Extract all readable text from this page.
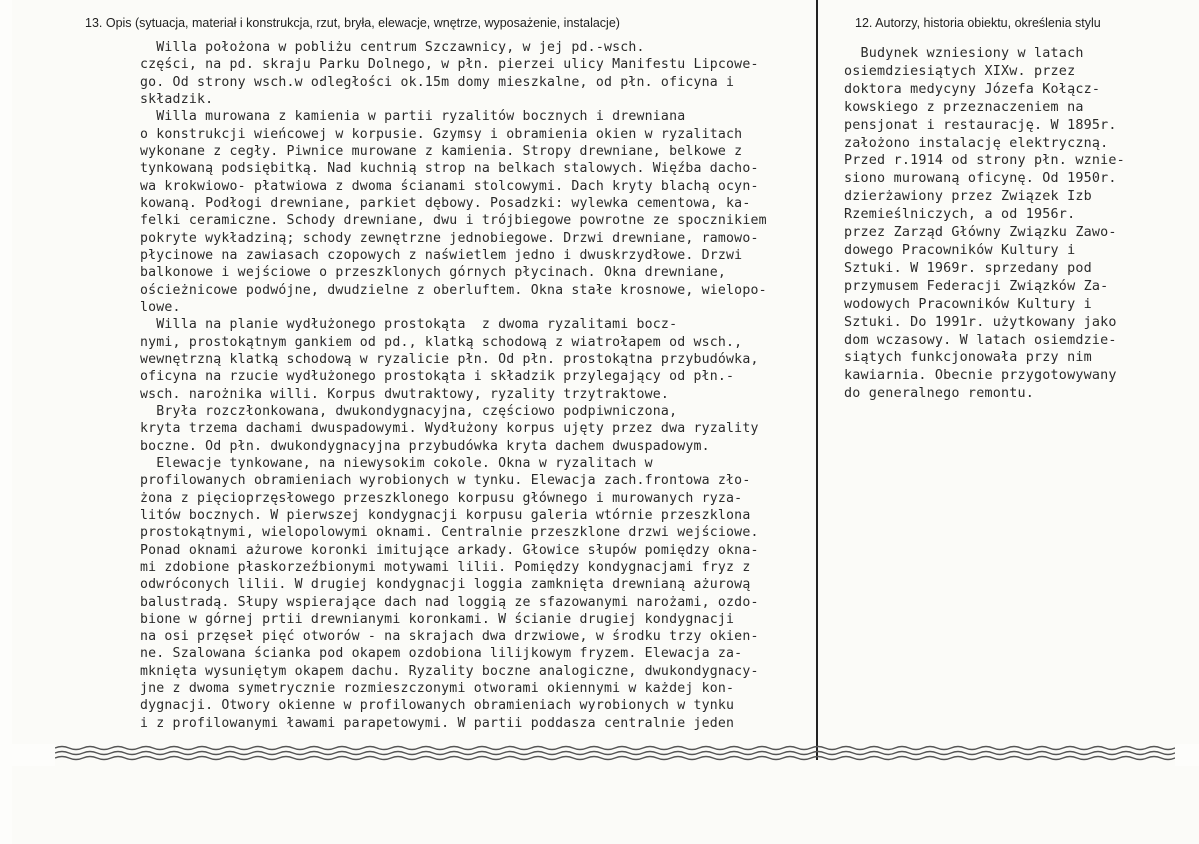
13. Opis (sytuacja, materiał i konstrukcja, rzut, bryła, elewacje, wnętrze, wyposażenie, instalacje)	12. Autorzy, historia obiektu, określenia stylu

Willa położona w pobliżu centrum Szczawnicy, w jej pd.-wsch.

części, na pd. skraju Parku Dolnego, w płn. pierzei ulicy Manifestu Lipcowe-

go. Od strony wsch.w odległości ok.15m domy mieszkalne, od płn. oficyna i

składzik.

Willa murowana z kamienia w partii ryzalitów bocznych i drewniana

o konstrukcji wieńcowej w korpusie. Gzymsy i obramienia okien w ryzalitach

wykonane z cegły. Piwnice murowane z kamienia. Stropy drewniane, belkowe z

tynkowaną podsiębitką. Nad kuchnią strop na belkach stalowych. Więźba dacho-

wa krokwiowo- płatwiowa z dwoma ścianami stolcowymi. Dach kryty blachą ocyn-

kowaną. Podłogi drewniane, parkiet dębowy. Posadzki: wylewka cementowa, ka-

felki ceramiczne. Schody drewniane, dwu i trójbiegowe powrotne ze spocznikiem

pokryte wykładziną; schody zewnętrzne jednobiegowe. Drzwi drewniane, ramowo-

płycinowe na zawiasach czopowych z naświetlem jedno i dwuskrzydłowe. Drzwi

balkonowe i wejściowe o przeszklonych górnych płycinach. Okna drewniane,

ościeżnicowe podwójne, dwudzielne z oberluftem. Okna stałe krosnowe, wielopo-

lowe.

Willa na planie wydłużonego prostokąta  z dwoma ryzalitami bocz-

nymi, prostokątnym gankiem od pd., klatką schodową z wiatrołapem od wsch.,

wewnętrzną klatką schodową w ryzalicie płn. Od płn. prostokątna przybudówka,

oficyna na rzucie wydłużonego prostokąta i składzik przylegający od płn.-

wsch. narożnika willi. Korpus dwutraktowy, ryzality trzytraktowe.

Bryła rozczłonkowana, dwukondygnacyjna, częściowo podpiwniczona,

kryta trzema dachami dwuspadowymi. Wydłużony korpus ujęty przez dwa ryzality

boczne. Od płn. dwukondygnacyjna przybudówka kryta dachem dwuspadowym.

Elewacje tynkowane, na niewysokim cokole. Okna w ryzalitach w

profilowanych obramieniach wyrobionych w tynku. Elewacja zach.frontowa zło-

żona z pięcioprzęsłowego przeszklonego korpusu głównego i murowanych ryza-

litów bocznych. W pierwszej kondygnacji korpusu galeria wtórnie przeszklona

prostokątnymi, wielopolowymi oknami. Centralnie przeszklone drzwi wejściowe.

Ponad oknami ażurowe koronki imitujące arkady. Głowice słupów pomiędzy okna-

mi zdobione płaskorzeźbionymi motywami lilii. Pomiędzy kondygnacjami fryz z

odwróconych lilii. W drugiej kondygnacji loggia zamknięta drewnianą ażurową

balustradą. Słupy wspierające dach nad loggią ze sfazowanymi narożami, ozdo-

bione w górnej prtii drewnianymi koronkami. W ścianie drugiej kondygnacji

na osi przęseł pięć otworów - na skrajach dwa drzwiowe, w środku trzy okien-

ne. Szalowana ścianka pod okapem ozdobiona lilijkowym fryzem. Elewacja za-

mknięta wysuniętym okapem dachu. Ryzality boczne analogiczne, dwukondygnacy-

jne z dwoma symetrycznie rozmieszczonymi otworami okiennymi w każdej kon-

dygnacji. Otwory okienne w profilowanych obramieniach wyrobionych w tynku

i z profilowanymi ławami parapetowymi. W partii poddasza centralnie jeden

Budynek wzniesiony w latach

osiemdziesiątych XIXw. przez

doktora medycyny Józefa Kołącz-

kowskiego z przeznaczeniem na

pensjonat i restaurację. W 1895r.

założono instalację elektryczną.

Przed r.1914 od strony płn. wznie-

siono murowaną oficynę. Od 1950r.

dzierżawiony przez Związek Izb

Rzemieślniczych, a od 1956r.

przez Zarząd Główny Związku Zawo-

dowego Pracowników Kultury i

Sztuki. W 1969r. sprzedany pod

przymusem Federacji Związków Za-

wodowych Pracowników Kultury i

Sztuki. Do 1991r. użytkowany jako

dom wczasowy. W latach osiemdzie-

siątych funkcjonowała przy nim

kawiarnia. Obecnie przygotowywany

do generalnego remontu.
